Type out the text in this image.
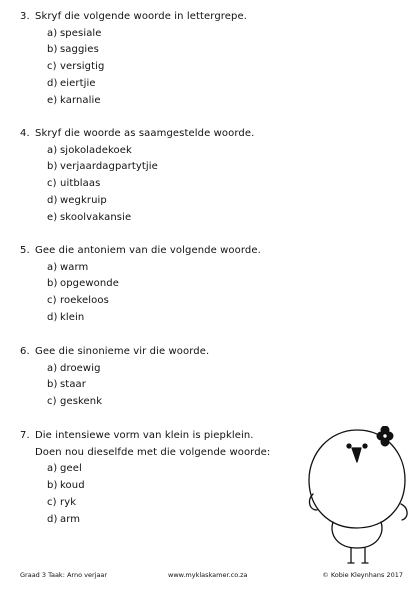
3. Skryf die volgende woorde in lettergrepe.
a) spesiale
b) saggies
c) versigtig
d) eiertjie
e) karnalie
4. Skryf die woorde as saamgestelde woorde.
a) sjokoladekoek
b) verjaardagpartytjie
c) uitblaas
d) wegkruip
e) skoolvakansie
5. Gee die antoniem van die volgende woorde.
a) warm
b) opgewonde
c) roekeloos
d) klein
6. Gee die sinonieme vir die woorde.
a) droewig
b) staar
c) geskenk
7. Die intensiewe vorm van klein is piepklein.
Doen nou dieselfde met die volgende woorde:
a) geel
b) koud
c) ryk
d) arm
Graad 3 Taak: Arno verjaar	www.myklaskamer.co.za	© Kobie Kleynhans 2017
